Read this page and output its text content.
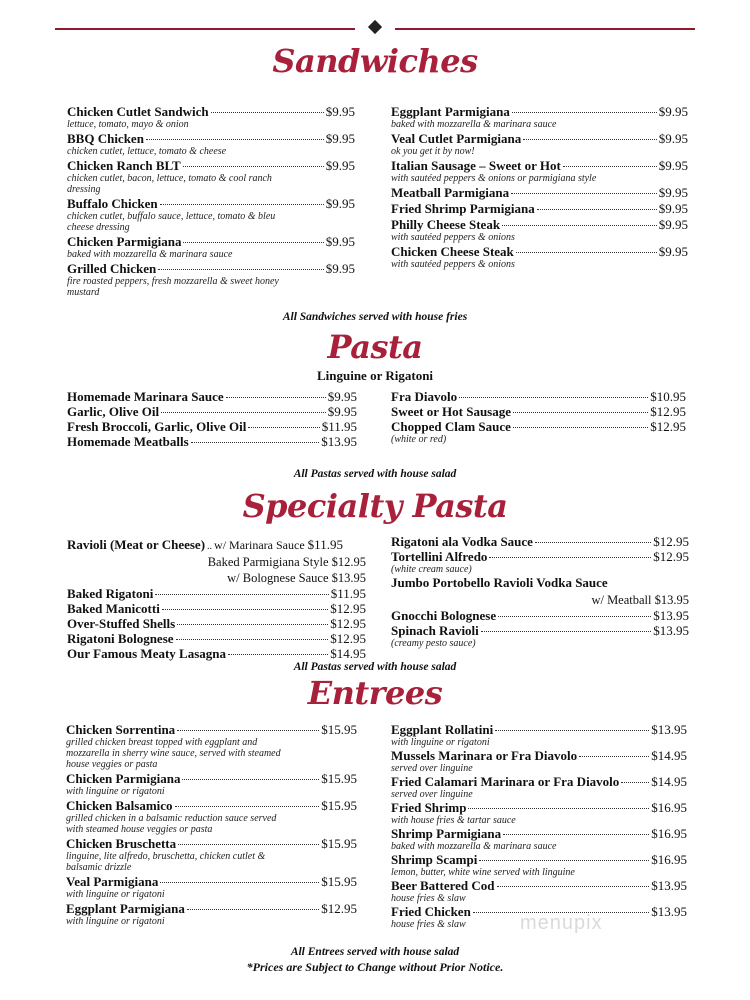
Sandwiches
Chicken Cutlet Sandwich	$9.95
lettuce, tomato, mayo & onion
BBQ Chicken	$9.95
chicken cutlet, lettuce, tomato & cheese
Chicken Ranch BLT	$9.95
chicken cutlet, bacon, lettuce, tomato & cool ranch dressing
Buffalo Chicken	$9.95
chicken cutlet, buffalo sauce, lettuce, tomato & bleu cheese dressing
Chicken Parmigiana	$9.95
baked with mozzarella & marinara sauce
Grilled Chicken	$9.95
fire roasted peppers, fresh mozzarella & sweet honey mustard
Eggplant Parmigiana	$9.95
baked with mozzarella & marinara sauce
Veal Cutlet Parmigiana	$9.95
ok you get it by now!
Italian Sausage – Sweet or Hot	$9.95
with sautéed peppers & onions or parmigiana style
Meatball Parmigiana	$9.95
Fried Shrimp Parmigiana	$9.95
Philly Cheese Steak	$9.95
with sautéed peppers & onions
Chicken Cheese Steak	$9.95
with sautéed peppers & onions
All Sandwiches served with house fries
Pasta
Linguine or Rigatoni
Homemade Marinara Sauce	$9.95
Garlic, Olive Oil	$9.95
Fresh Broccoli, Garlic, Olive Oil	$11.95
Homemade Meatballs	$13.95
Fra Diavolo	$10.95
Sweet or Hot Sausage	$12.95
Chopped Clam Sauce	$12.95
(white or red)
All Pastas served with house salad
Specialty Pasta
Ravioli (Meat or Cheese) .. w/ Marinara Sauce $11.95
Baked Parmigiana Style $12.95
w/ Bolognese Sauce $13.95
Baked Rigatoni	$11.95
Baked Manicotti	$12.95
Over-Stuffed Shells	$12.95
Rigatoni Bolognese	$12.95
Our Famous Meaty Lasagna	$14.95
Rigatoni ala Vodka Sauce	$12.95
Tortellini Alfredo	$12.95
(white cream sauce)
Jumbo Portobello Ravioli Vodka Sauce
w/ Meatball $13.95
Gnocchi Bolognese	$13.95
Spinach Ravioli	$13.95
(creamy pesto sauce)
All Pastas served with house salad
Entrees
Chicken Sorrentina	$15.95
grilled chicken breast topped with eggplant and mozzarella in sherry wine sauce, served with steamed house veggies or pasta
Chicken Parmigiana	$15.95
with linguine or rigatoni
Chicken Balsamico	$15.95
grilled chicken in a balsamic reduction sauce served with steamed house veggies or pasta
Chicken Bruschetta	$15.95
linguine, lite alfredo, bruschetta, chicken cutlet & balsamic drizzle
Veal Parmigiana	$15.95
with linguine or rigatoni
Eggplant Parmigiana	$12.95
with linguine or rigatoni
Eggplant Rollatini	$13.95
with linguine or rigatoni
Mussels Marinara or Fra Diavolo	$14.95
served over linguine
Fried Calamari Marinara or Fra Diavolo $14.95
served over linguine
Fried Shrimp	$16.95
with house fries & tartar sauce
Shrimp Parmigiana	$16.95
baked with mozzarella & marinara sauce
Shrimp Scampi	$16.95
lemon, butter, white wine served with linguine
Beer Battered Cod	$13.95
house fries & slaw
Fried Chicken	$13.95
house fries & slaw
All Entrees served with house salad
*Prices are Subject to Change without Prior Notice.
menupix
